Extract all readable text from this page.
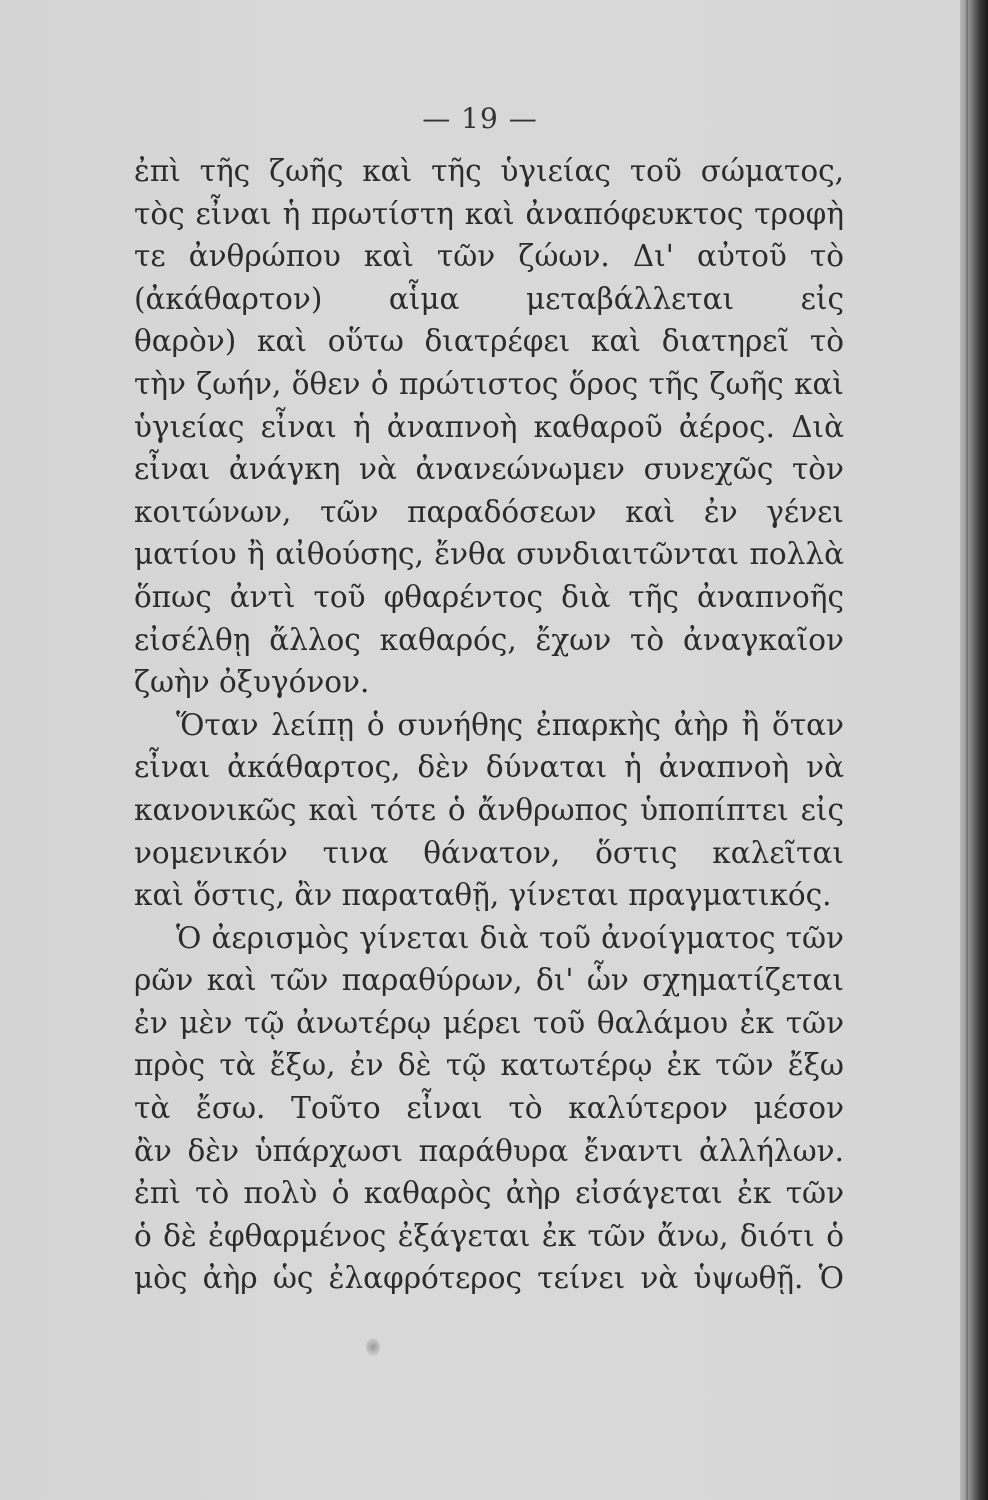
— 19 —
ἐπὶ τῆς ζωῆς καὶ τῆς ὑγιείας τοῦ σώματος,
τὸς εἶναι ἡ πρωτίστη καὶ ἀναπόφευκτος τροφὴ
τε ἀνθρώπου καὶ τῶν ζώων. Δι' αὐτοῦ τὸ
(ἀκάθαρτον) αἷμα μεταβάλλεται εἰς
θαρὸν) καὶ οὕτω διατρέφει καὶ διατηρεῖ τὸ
τὴν ζωήν, ὅθεν ὁ πρώτιστος ὅρος τῆς ζωῆς καὶ
ὑγιείας εἶναι ἡ ἀναπνοὴ καθαροῦ ἀέρος. Διὰ
εἶναι ἀνάγκη νὰ ἀνανεώνωμεν συνεχῶς τὸν
κοιτώνων, τῶν παραδόσεων καὶ ἐν γένει
ματίου ἢ αἰθούσης, ἔνθα συνδιαιτῶνται πολλὰ
ὅπως ἀντὶ τοῦ φθαρέντος διὰ τῆς ἀναπνοῆς
εἰσέλθῃ ἄλλος καθαρός, ἔχων τὸ ἀναγκαῖον
ζωὴν ὀξυγόνον.
Ὅταν λείπῃ ὁ συνήθης ἐπαρκὴς ἀὴρ ἢ ὅταν
εἶναι ἀκάθαρτος, δὲν δύναται ἡ ἀναπνοὴ νὰ
κανονικῶς καὶ τότε ὁ ἄνθρωπος ὑποπίπτει εἰς
νομενικόν τινα θάνατον, ὅστις καλεῖται
καὶ ὅστις, ἂν παραταθῇ, γίνεται πραγματικός.
Ὁ ἀερισμὸς γίνεται διὰ τοῦ ἀνοίγματος τῶν
ρῶν καὶ τῶν παραθύρων, δι' ὧν σχηματίζεται
ἐν μὲν τῷ ἀνωτέρῳ μέρει τοῦ θαλάμου ἐκ τῶν
πρὸς τὰ ἔξω, ἐν δὲ τῷ κατωτέρῳ ἐκ τῶν ἔξω
τὰ ἔσω. Τοῦτο εἶναι τὸ καλύτερον μέσον
ἂν δὲν ὑπάρχωσι παράθυρα ἔναντι ἀλλήλων.
ἐπὶ τὸ πολὺ ὁ καθαρὸς ἀὴρ εἰσάγεται ἐκ τῶν
ὁ δὲ ἐφθαρμένος ἐξάγεται ἐκ τῶν ἄνω, διότι ὁ
μὸς ἀὴρ ὡς ἐλαφρότερος τείνει νὰ ὑψωθῇ. Ὁ
